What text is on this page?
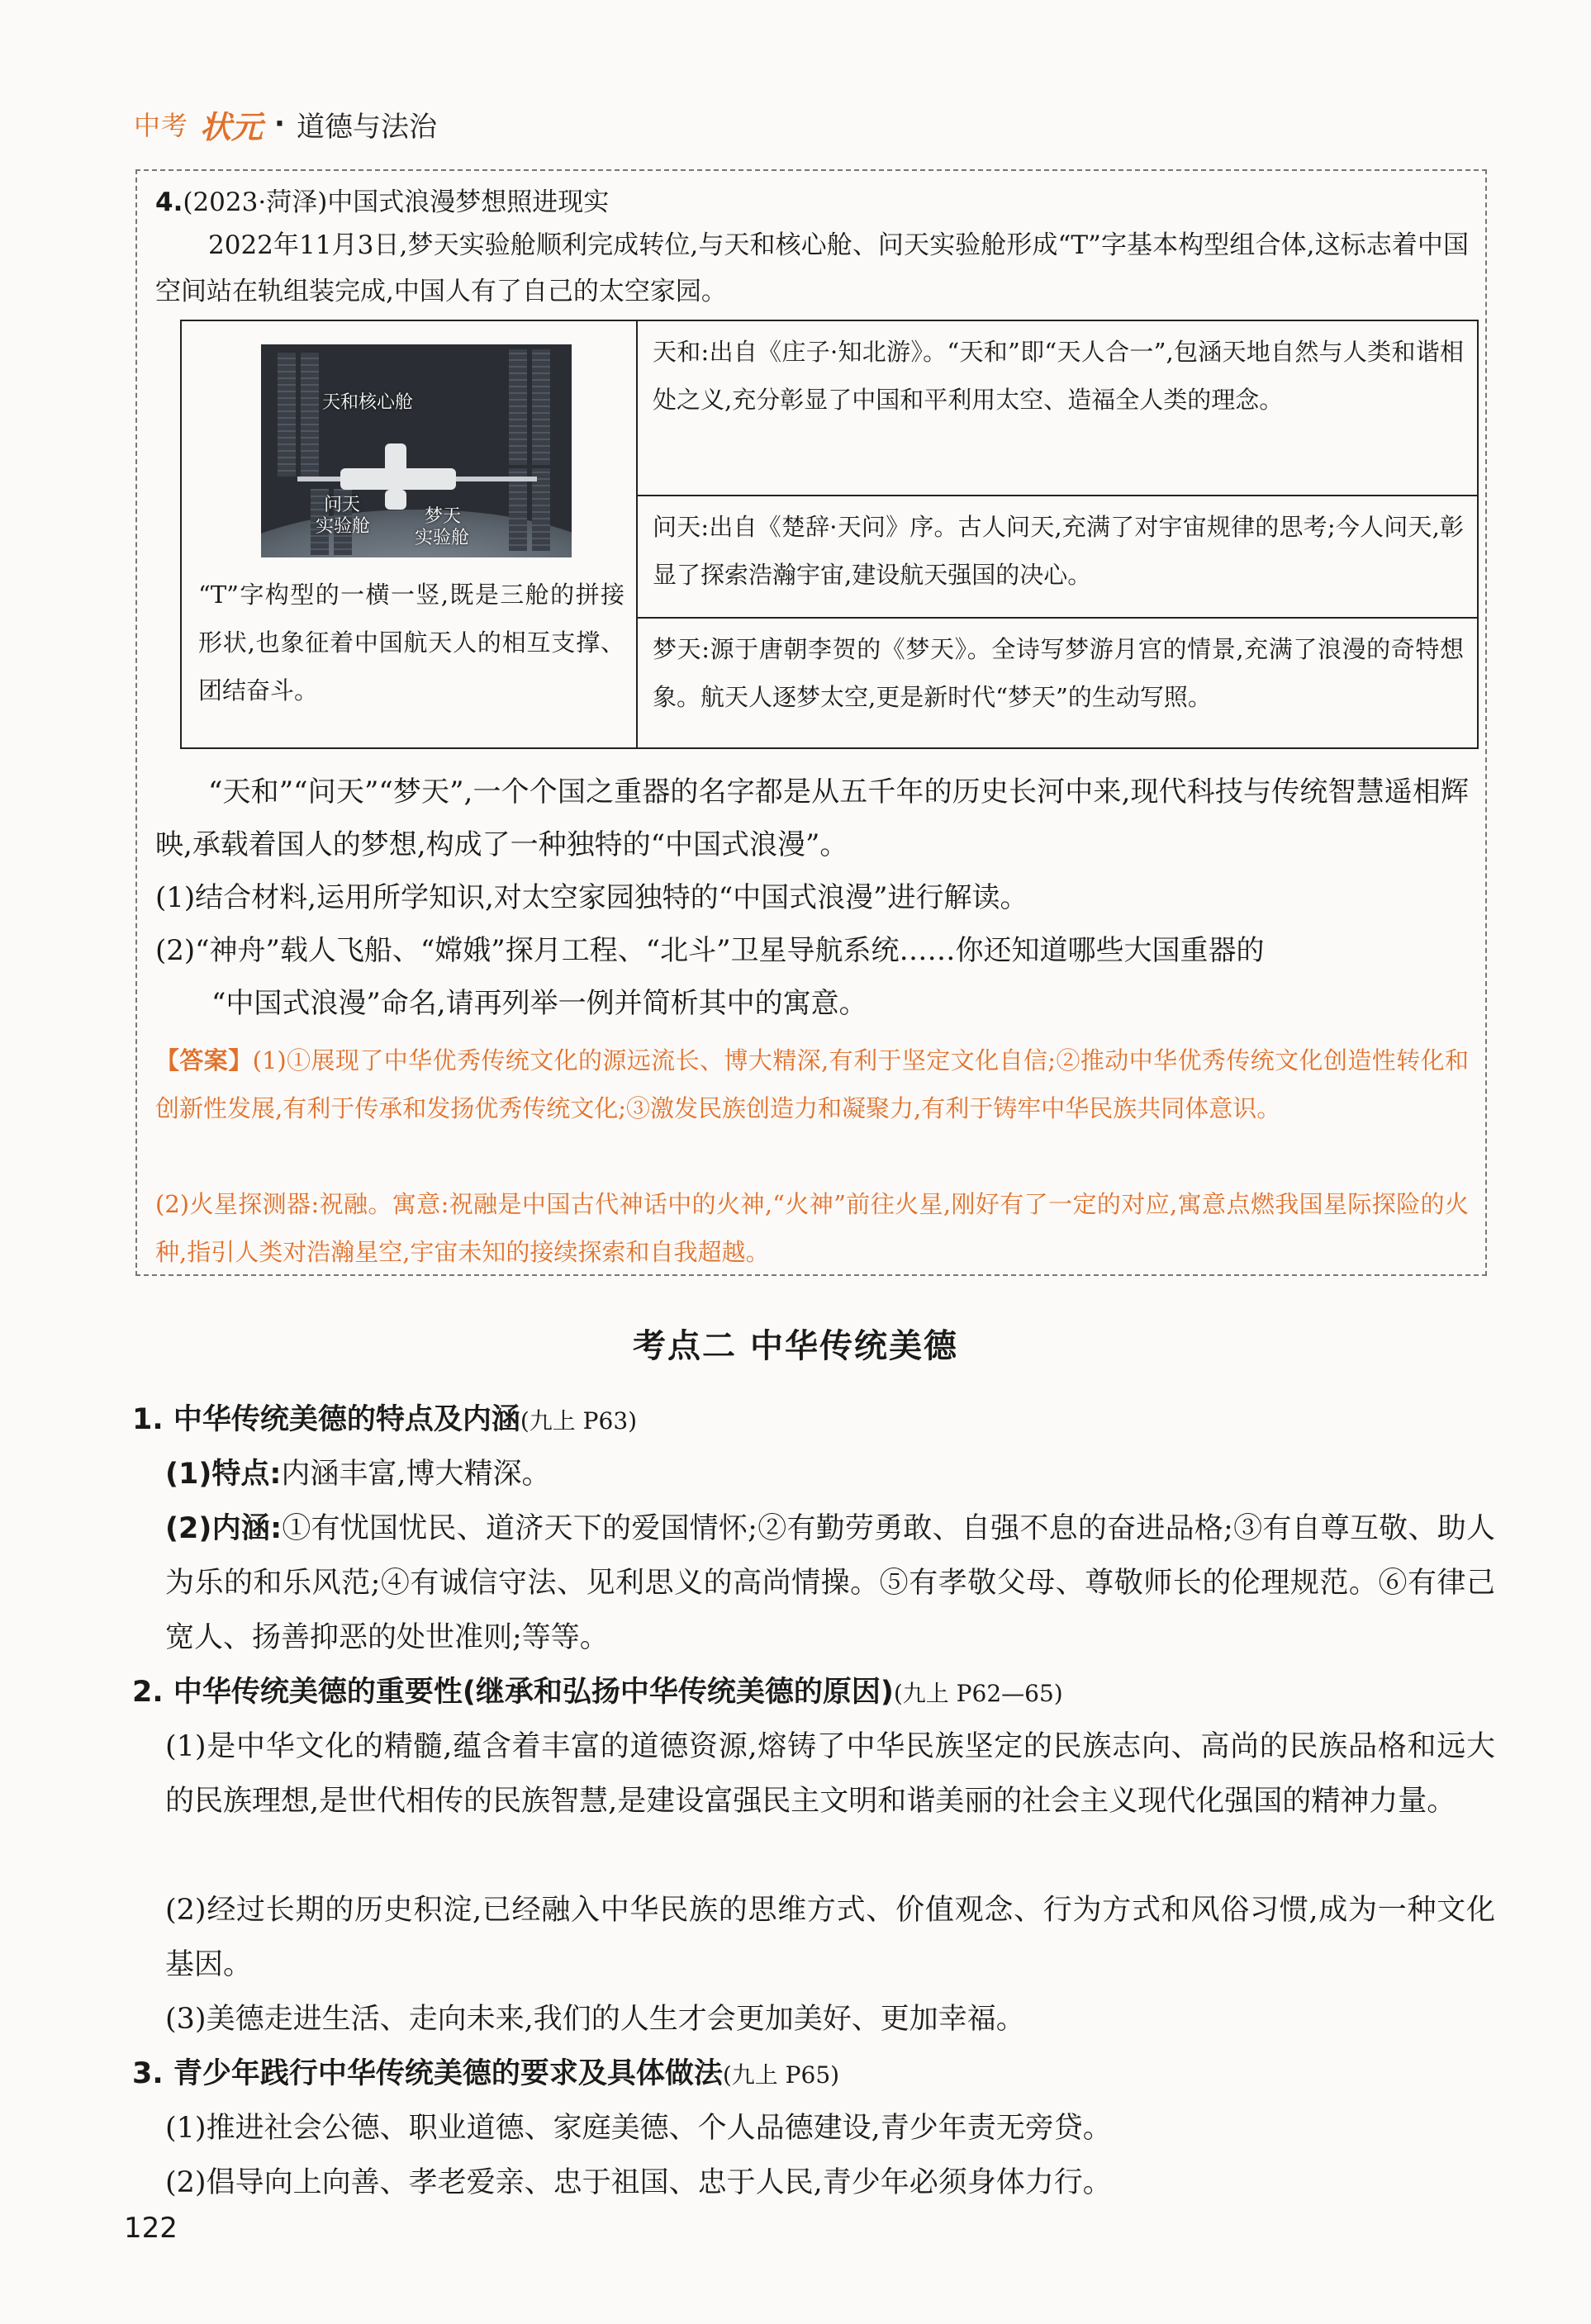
中考 状元 · 道德与法治
4.(2023·菏泽)中国式浪漫梦想照进现实
2022年11月3日,梦天实验舱顺利完成转位,与天和核心舱、问天实验舱形成“T”字基本构型组合体,这标志着中国空间站在轨组装完成,中国人有了自己的太空家园。
天和核心舱
问天
实验舱	梦天
实验舱
“T”字构型的一横一竖,既是三舱的拼接形状,也象征着中国航天人的相互支撑、团结奋斗。
天和:出自《庄子·知北游》。“天和”即“天人合一”,包涵天地自然与人类和谐相处之义,充分彰显了中国和平利用太空、造福全人类的理念。
问天:出自《楚辞·天问》序。古人问天,充满了对宇宙规律的思考;今人问天,彰显了探索浩瀚宇宙,建设航天强国的决心。
梦天:源于唐朝李贺的《梦天》。全诗写梦游月宫的情景,充满了浪漫的奇特想象。航天人逐梦太空,更是新时代“梦天”的生动写照。
“天和”“问天”“梦天”,一个个国之重器的名字都是从五千年的历史长河中来,现代科技与传统智慧遥相辉映,承载着国人的梦想,构成了一种独特的“中国式浪漫”。
(1)结合材料,运用所学知识,对太空家园独特的“中国式浪漫”进行解读。
(2)“神舟”载人飞船、“嫦娥”探月工程、“北斗”卫星导航系统……你还知道哪些大国重器的
“中国式浪漫”命名,请再列举一例并简析其中的寓意。
【答案】(1)①展现了中华优秀传统文化的源远流长、博大精深,有利于坚定文化自信;②推动中华优秀传统文化创造性转化和创新性发展,有利于传承和发扬优秀传统文化;③激发民族创造力和凝聚力,有利于铸牢中华民族共同体意识。
(2)火星探测器:祝融。寓意:祝融是中国古代神话中的火神,“火神”前往火星,刚好有了一定的对应,寓意点燃我国星际探险的火种,指引人类对浩瀚星空,宇宙未知的接续探索和自我超越。
考点二 中华传统美德
1. 中华传统美德的特点及内涵(九上 P63)
(1)特点:内涵丰富,博大精深。
(2)内涵:①有忧国忧民、道济天下的爱国情怀;②有勤劳勇敢、自强不息的奋进品格;③有自尊互敬、助人为乐的和乐风范;④有诚信守法、见利思义的高尚情操。⑤有孝敬父母、尊敬师长的伦理规范。⑥有律己宽人、扬善抑恶的处世准则;等等。
2. 中华传统美德的重要性(继承和弘扬中华传统美德的原因)(九上 P62—65)
(1)是中华文化的精髓,蕴含着丰富的道德资源,熔铸了中华民族坚定的民族志向、高尚的民族品格和远大的民族理想,是世代相传的民族智慧,是建设富强民主文明和谐美丽的社会主义现代化强国的精神力量。
(2)经过长期的历史积淀,已经融入中华民族的思维方式、价值观念、行为方式和风俗习惯,成为一种文化基因。
(3)美德走进生活、走向未来,我们的人生才会更加美好、更加幸福。
3. 青少年践行中华传统美德的要求及具体做法(九上 P65)
(1)推进社会公德、职业道德、家庭美德、个人品德建设,青少年责无旁贷。
(2)倡导向上向善、孝老爱亲、忠于祖国、忠于人民,青少年必须身体力行。
122
